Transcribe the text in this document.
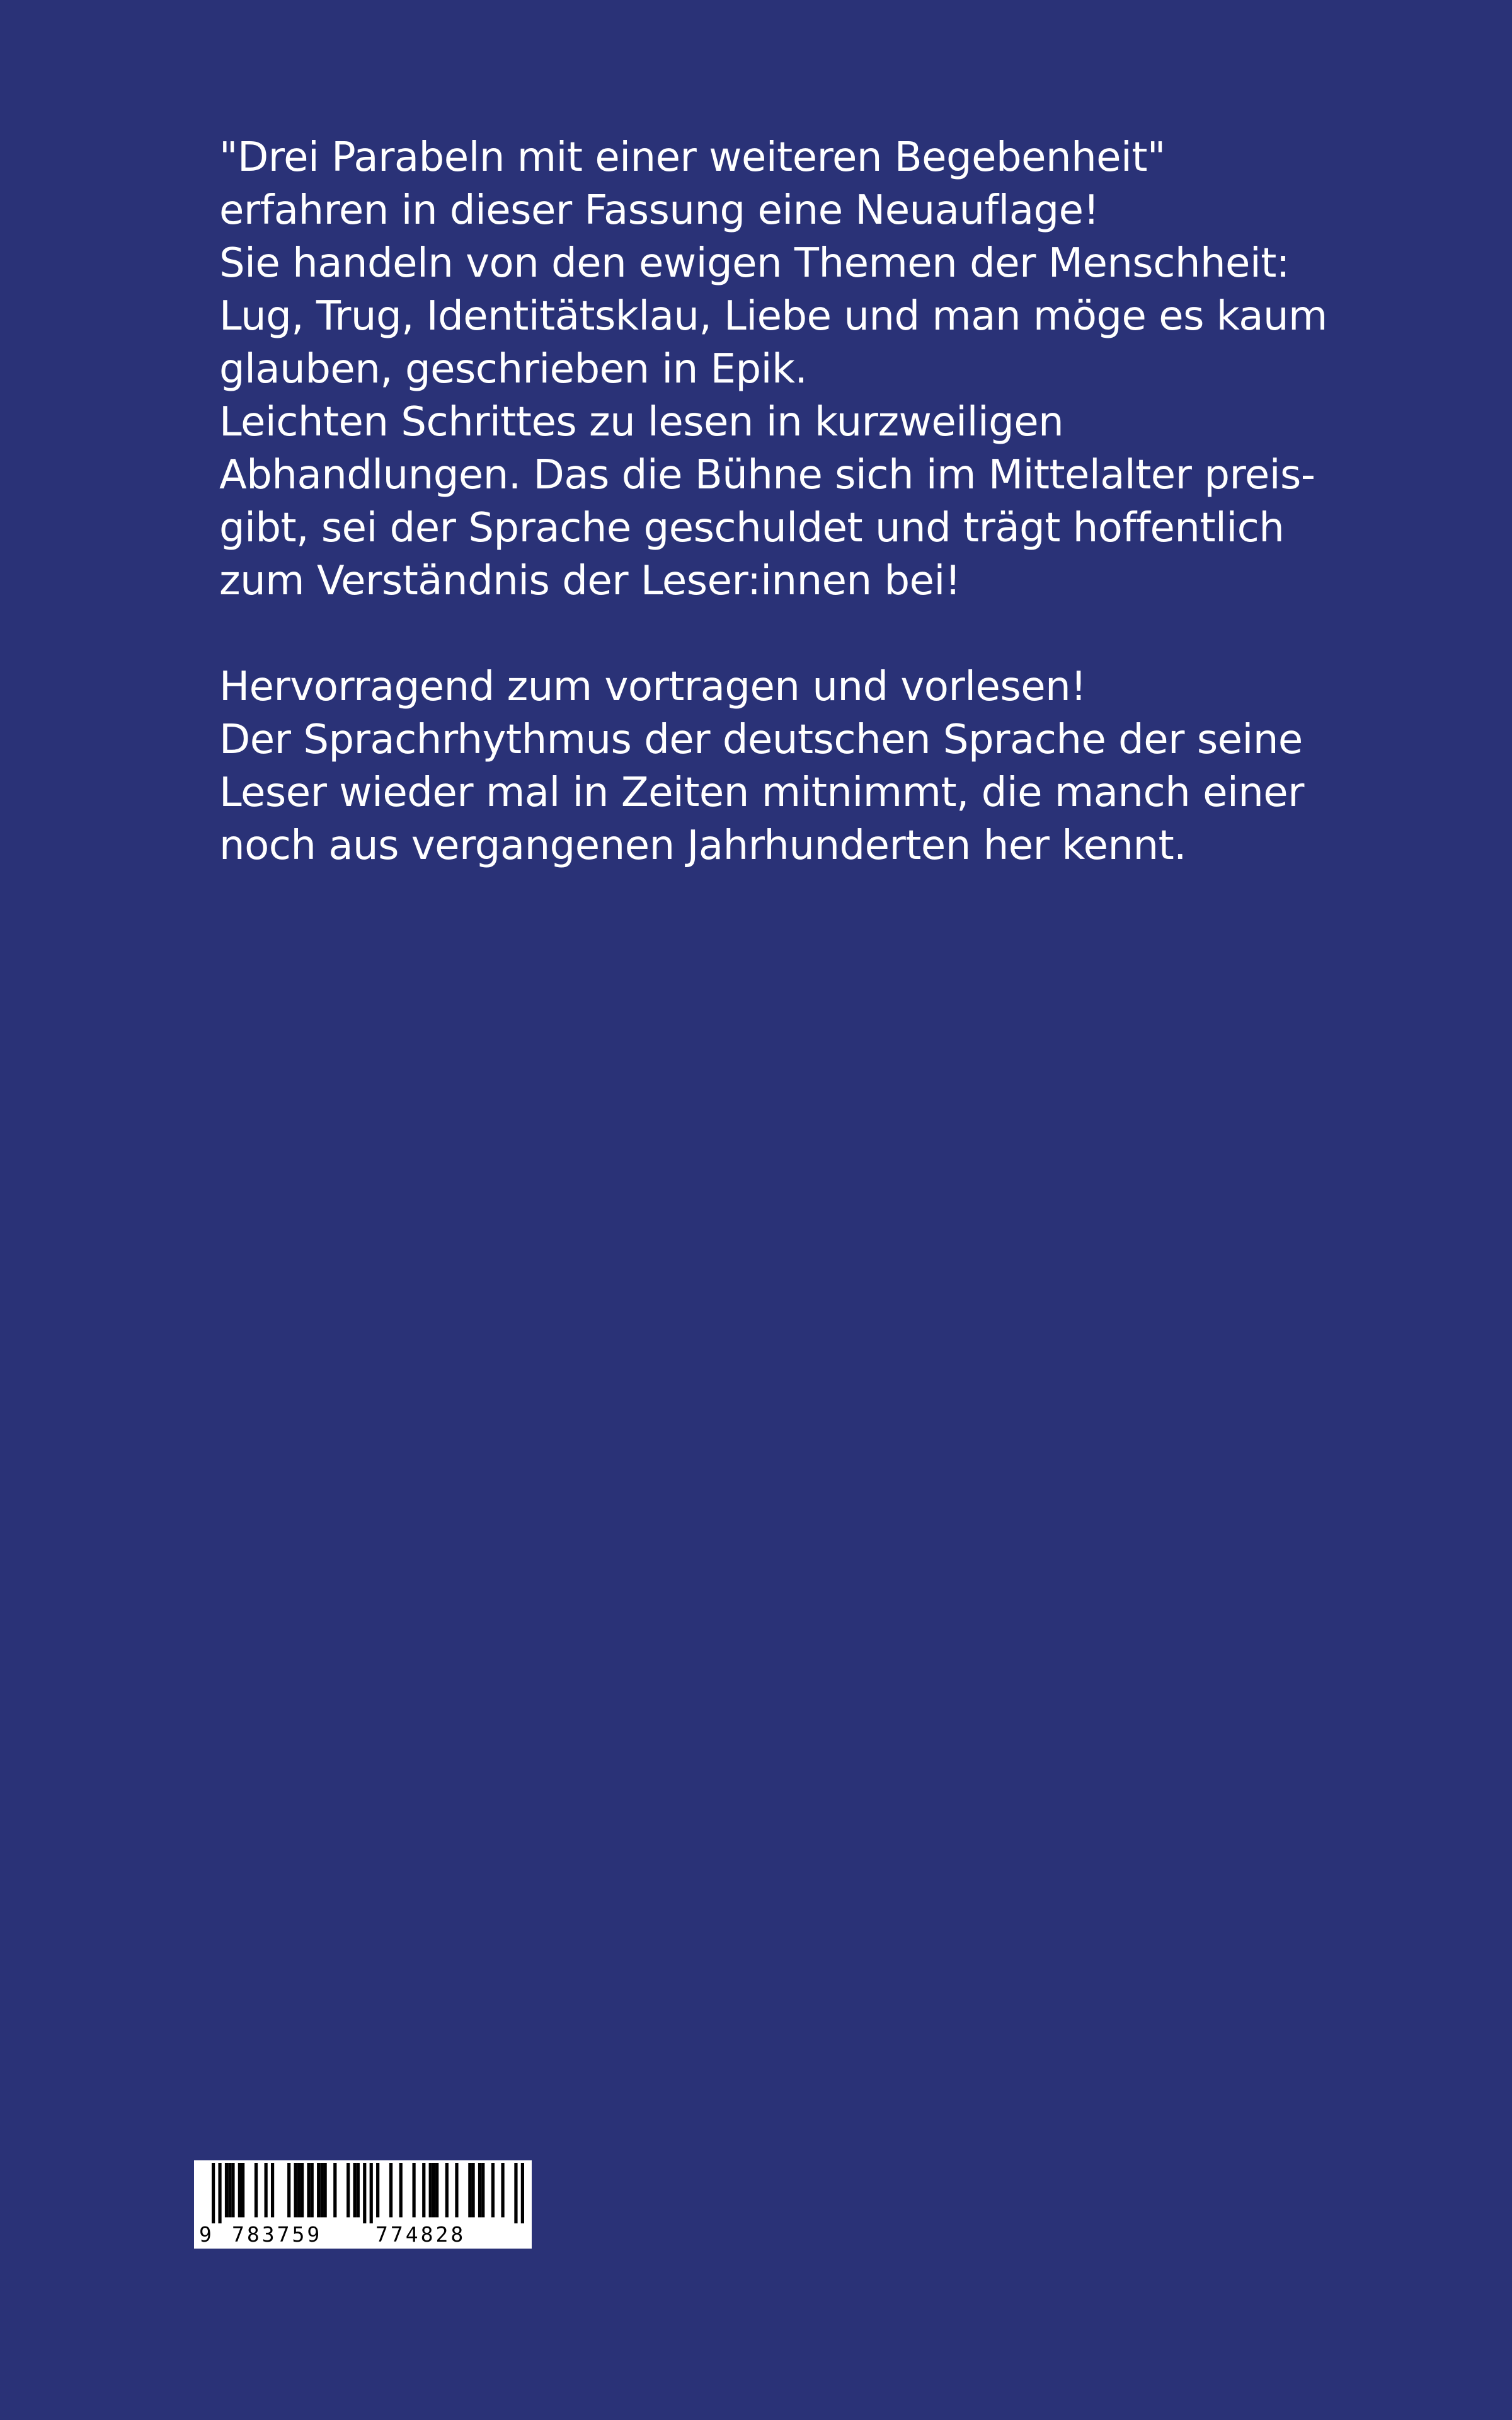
"Drei Parabeln mit einer weiteren Begebenheit"
erfahren in dieser Fassung eine Neuauflage!
Sie handeln von den ewigen Themen der Menschheit:
Lug, Trug, Identitätsklau, Liebe und man möge es kaum
glauben, geschrieben in Epik.
Leichten Schrittes zu lesen in kurzweiligen
Abhandlungen. Das die Bühne sich im Mittelalter preis-
gibt, sei der Sprache geschuldet und trägt hoffentlich
zum Verständnis der Leser:innen bei!

Hervorragend zum vortragen und vorlesen!
Der Sprachrhythmus der deutschen Sprache der seine
Leser wieder mal in Zeiten mitnimmt, die manch einer
noch aus vergangenen Jahrhunderten her kennt.

9 783759	774828
